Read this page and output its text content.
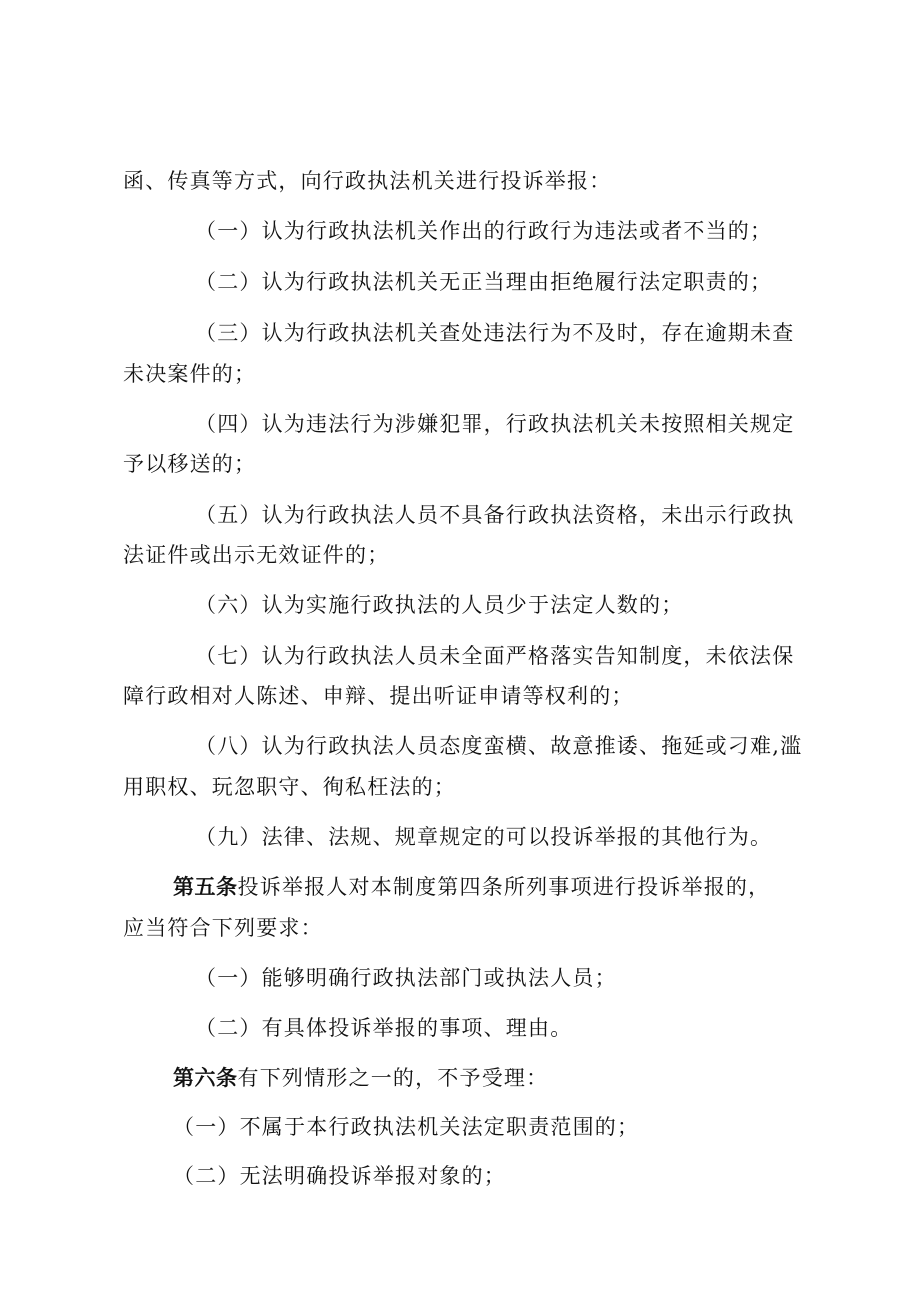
函、传真等方式，向行政执法机关进行投诉举报：
（一）认为行政执法机关作出的行政行为违法或者不当的；
（二）认为行政执法机关无正当理由拒绝履行法定职责的；
（三）认为行政执法机关查处违法行为不及时，存在逾期未查
未决案件的；
（四）认为违法行为涉嫌犯罪，行政执法机关未按照相关规定
予以移送的；
（五）认为行政执法人员不具备行政执法资格，未出示行政执
法证件或出示无效证件的；
（六）认为实施行政执法的人员少于法定人数的；
（七）认为行政执法人员未全面严格落实告知制度，未依法保
障行政相对人陈述、申辩、提出听证申请等权利的；
（八）认为行政执法人员态度蛮横、故意推诿、拖延或刁难,滥
用职权、玩忽职守、徇私枉法的；
（九）法律、法规、规章规定的可以投诉举报的其他行为。
第五条投诉举报人对本制度第四条所列事项进行投诉举报的，
应当符合下列要求：
（一）能够明确行政执法部门或执法人员；
（二）有具体投诉举报的事项、理由。
第六条有下列情形之一的，不予受理：
（一）不属于本行政执法机关法定职责范围的；
（二）无法明确投诉举报对象的；
